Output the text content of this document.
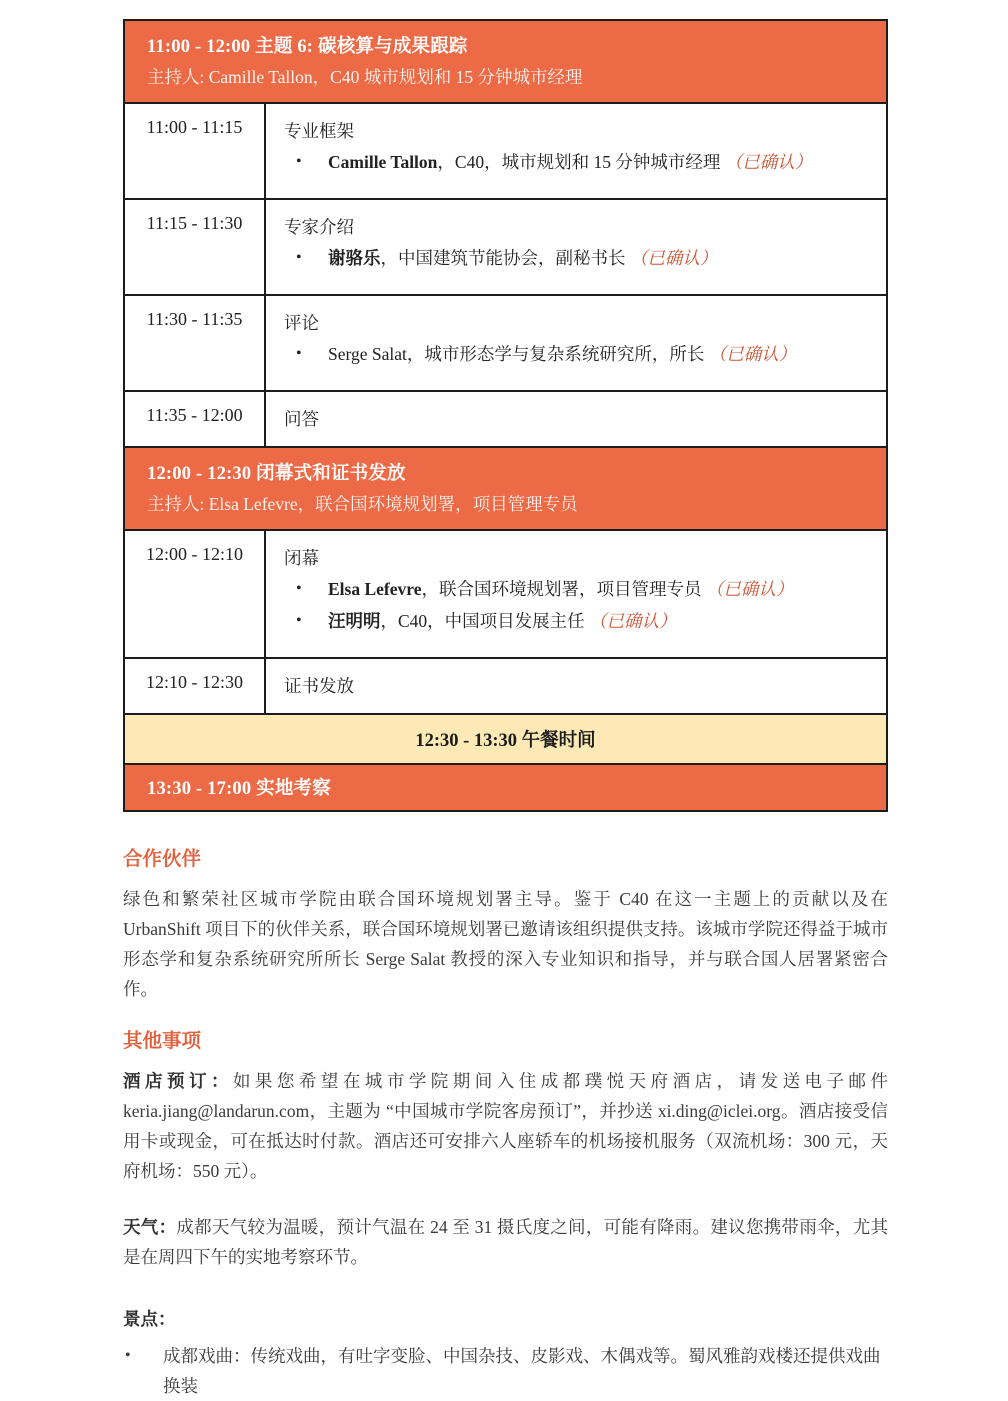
11:00 - 12:00 主题 6: 碳核算与成果跟踪
主持人: Camille Tallon，C40 城市规划和 15 分钟城市经理
11:00 - 11:15	专业框架
•	Camille Tallon，C40，城市规划和 15 分钟城市经理 （已确认）
11:15 - 11:30	专家介绍
•	谢骆乐，中国建筑节能协会，副秘书长 （已确认）
11:30 - 11:35	评论
•	Serge Salat，城市形态学与复杂系统研究所，所长 （已确认）
11:35 - 12:00	问答
12:00 - 12:30 闭幕式和证书发放
主持人: Elsa Lefevre，联合国环境规划署，项目管理专员
12:00 - 12:10	闭幕
•	Elsa Lefevre，联合国环境规划署，项目管理专员 （已确认）
•	汪明明，C40，中国项目发展主任 （已确认）
12:10 - 12:30	证书发放
12:30 - 13:30 午餐时间
13:30 - 17:00 实地考察
合作伙伴
绿色和繁荣社区城市学院由联合国环境规划署主导。鉴于 C40 在这一主题上的贡献以及在 UrbanShift 项目下的伙伴关系，联合国环境规划署已邀请该组织提供支持。该城市学院还得益于城市形态学和复杂系统研究所所长 Serge Salat 教授的深入专业知识和指导，并与联合国人居署紧密合作。
其他事项
酒店预订：如果您希望在城市学院期间入住成都璞悦天府酒店，请发送电子邮件 keria.jiang@landarun.com，主题为 “中国城市学院客房预订”，并抄送 xi.ding@iclei.org。酒店接受信用卡或现金，可在抵达时付款。酒店还可安排六人座轿车的机场接机服务（双流机场：300 元，天府机场：550 元）。
天气：成都天气较为温暖，预计气温在 24 至 31 摄氏度之间，可能有降雨。建议您携带雨伞，尤其是在周四下午的实地考察环节。
景点：
•	成都戏曲：传统戏曲，有吐字变脸、中国杂技、皮影戏、木偶戏等。蜀风雅韵戏楼还提供戏曲换装
